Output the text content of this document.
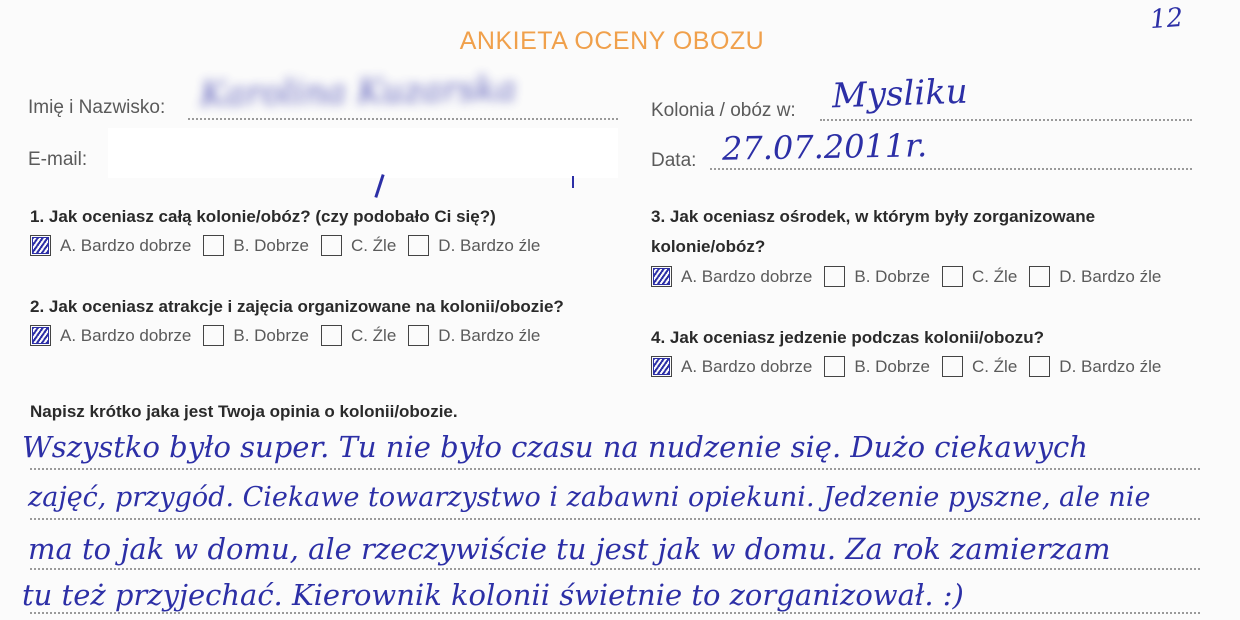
ANKIETA OCENY OBOZU
12
Imię i Nazwisko: Karolina Kuzarska
E-mail:
Kolonia / obóz w: Mysliku
Data: 27.07.2011r.
1. Jak oceniasz całą kolonie/obóz? (czy podobało Ci się?)
A. Bardzo dobrze B. Dobrze C. Źle D. Bardzo źle
2. Jak oceniasz atrakcje i zajęcia organizowane na kolonii/obozie?
A. Bardzo dobrze B. Dobrze C. Źle D. Bardzo źle
3. Jak oceniasz ośrodek, w którym były zorganizowane
kolonie/obóz?
A. Bardzo dobrze B. Dobrze C. Źle D. Bardzo źle
4. Jak oceniasz jedzenie podczas kolonii/obozu?
A. Bardzo dobrze B. Dobrze C. Źle D. Bardzo źle
Napisz krótko jaka jest Twoja opinia o kolonii/obozie.
Wszystko było super. Tu nie było czasu na nudzenie się. Dużo ciekawych
zajęć, przygód. Ciekawe towarzystwo i zabawni opiekuni. Jedzenie pyszne, ale nie
ma to jak w domu, ale rzeczywiście tu jest jak w domu. Za rok zamierzam
tu też przyjechać. Kierownik kolonii świetnie to zorganizował. :)
